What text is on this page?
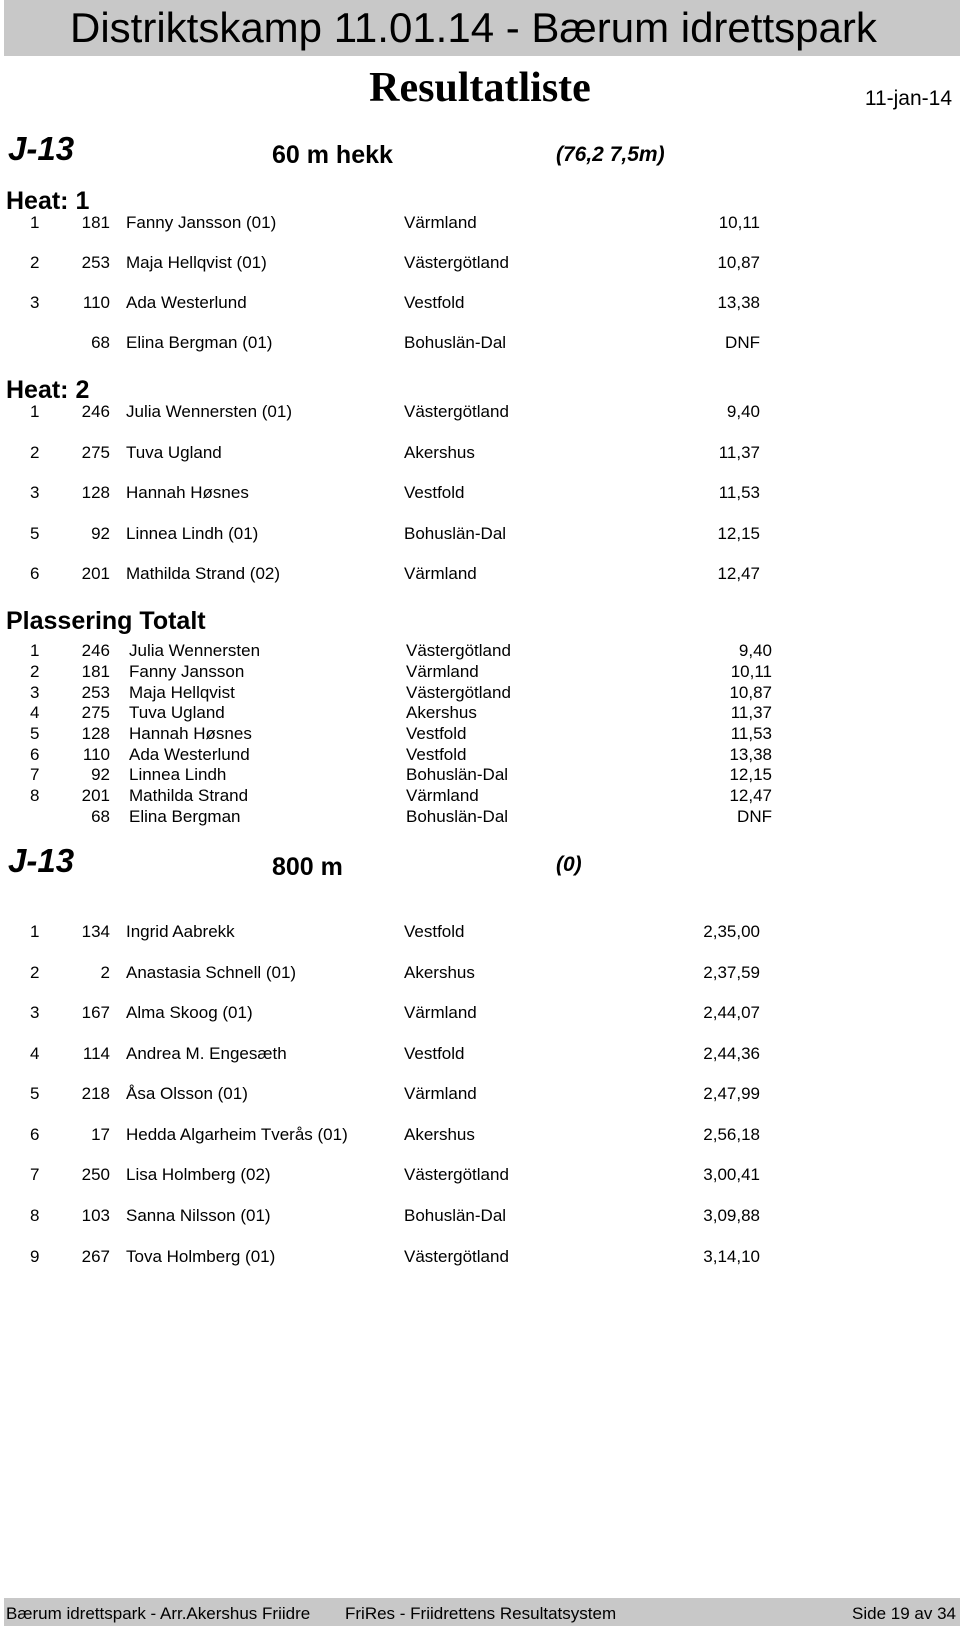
Distriktskamp 11.01.14 - Bærum idrettspark
Resultatliste	11-jan-14
J-13	60 m hekk	(76,2 7,5m)
Heat: 1
1 181 Fanny Jansson (01)	Värmland	10,11
2 253 Maja Hellqvist (01)	Västergötland	10,87
3	110 Ada Westerlund	Vestfold	13,38
68 Elina Bergman (01)	Bohuslän-Dal	DNF
Heat: 2
1 246 Julia Wennersten (01)	Västergötland	9,40
2 275 Tuva Ugland	Akershus	11,37
3 128 Hannah Høsnes	Vestfold	11,53
5	92 Linnea Lindh (01)	Bohuslän-Dal	12,15
6 201 Mathilda Strand (02)	Värmland	12,47
Plassering Totalt
1 246 Julia Wennersten	Västergötland	9,40
2 181 Fanny Jansson	Värmland	10,11
3 253 Maja Hellqvist	Västergötland	10,87
4 275 Tuva Ugland	Akershus	11,37
5 128 Hannah Høsnes	Vestfold	11,53
6	110 Ada Westerlund	Vestfold	13,38
7	92 Linnea Lindh	Bohuslän-Dal	12,15
8 201 Mathilda Strand	Värmland	12,47
68 Elina Bergman	Bohuslän-Dal	DNF
J-13	800 m	(0)
1 134 Ingrid Aabrekk	Vestfold	2,35,00
2	2 Anastasia Schnell (01)	Akershus	2,37,59
3 167 Alma Skoog (01)	Värmland	2,44,07
4	114 Andrea M. Engesæth	Vestfold	2,44,36
5 218 Åsa Olsson (01)	Värmland	2,47,99
6	17 Hedda Algarheim Tverås (01)	Akershus	2,56,18
7 250 Lisa Holmberg (02)	Västergötland	3,00,41
8 103 Sanna Nilsson (01)	Bohuslän-Dal	3,09,88
9 267 Tova Holmberg (01)	Västergötland	3,14,10
Bærum idrettspark - Arr.Akershus Friidre FriRes - Friidrettens Resultatsystem	Side 19 av 34
